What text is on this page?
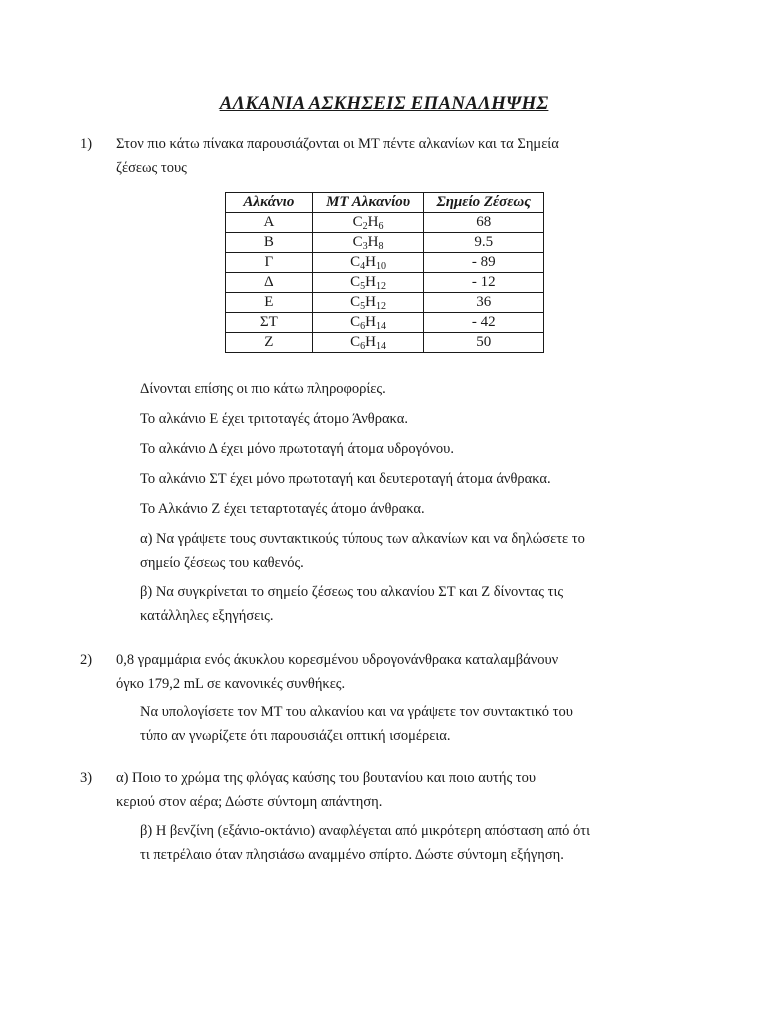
ΑΛΚΑΝΙΑ ΑΣΚΗΣΕΙΣ ΕΠΑΝΑΛΗΨΗΣ
1) Στον πιο κάτω πίνακα παρουσιάζονται οι ΜΤ πέντε αλκανίων και τα Σημεία
ζέσεως τους
Αλκάνιο	ΜΤ Αλκανίου	Σημείο Ζέσεως
Α	$C_2H_6$	68
Β	$C_3H_8$	9.5
Γ	$C_4H_{10}$	- 89
Δ	$C_5H_{12}$	- 12
Ε	$C_5H_{12}$	36
ΣΤ	$C_6H_{14}$	- 42
Ζ	$C_6H_{14}$	50
Δίνονται επίσης οι πιο κάτω πληροφορίες.
Το αλκάνιο Ε έχει τριτοταγές άτομο Άνθρακα.
Το αλκάνιο Δ έχει μόνο πρωτοταγή άτομα υδρογόνου.
Το αλκάνιο ΣΤ έχει μόνο πρωτοταγή και δευτεροταγή άτομα άνθρακα.
Το Αλκάνιο Ζ έχει τεταρτοταγές άτομο άνθρακα.
α) Να γράψετε τους συντακτικούς τύπους των αλκανίων και να δηλώσετε το
σημείο ζέσεως του καθενός.
β) Να συγκρίνεται το σημείο ζέσεως του αλκανίου ΣΤ και Ζ δίνοντας τις
κατάλληλες εξηγήσεις.
2) 0,8 γραμμάρια ενός άκυκλου κορεσμένου υδρογονάνθρακα καταλαμβάνουν
όγκο 179,2 mL σε κανονικές συνθήκες.
Να υπολογίσετε τον ΜΤ του αλκανίου και να γράψετε τον συντακτικό του
τύπο αν γνωρίζετε ότι παρουσιάζει οπτική ισομέρεια.
3) α) Ποιο το χρώμα της φλόγας καύσης του βουτανίου και ποιο αυτής του
κεριού στον αέρα; Δώστε σύντομη απάντηση.
β) Η βενζίνη (εξάνιο-οκτάνιο) αναφλέγεται από μικρότερη απόσταση από ότι
τι πετρέλαιο όταν πλησιάσω αναμμένο σπίρτο. Δώστε σύντομη εξήγηση.
